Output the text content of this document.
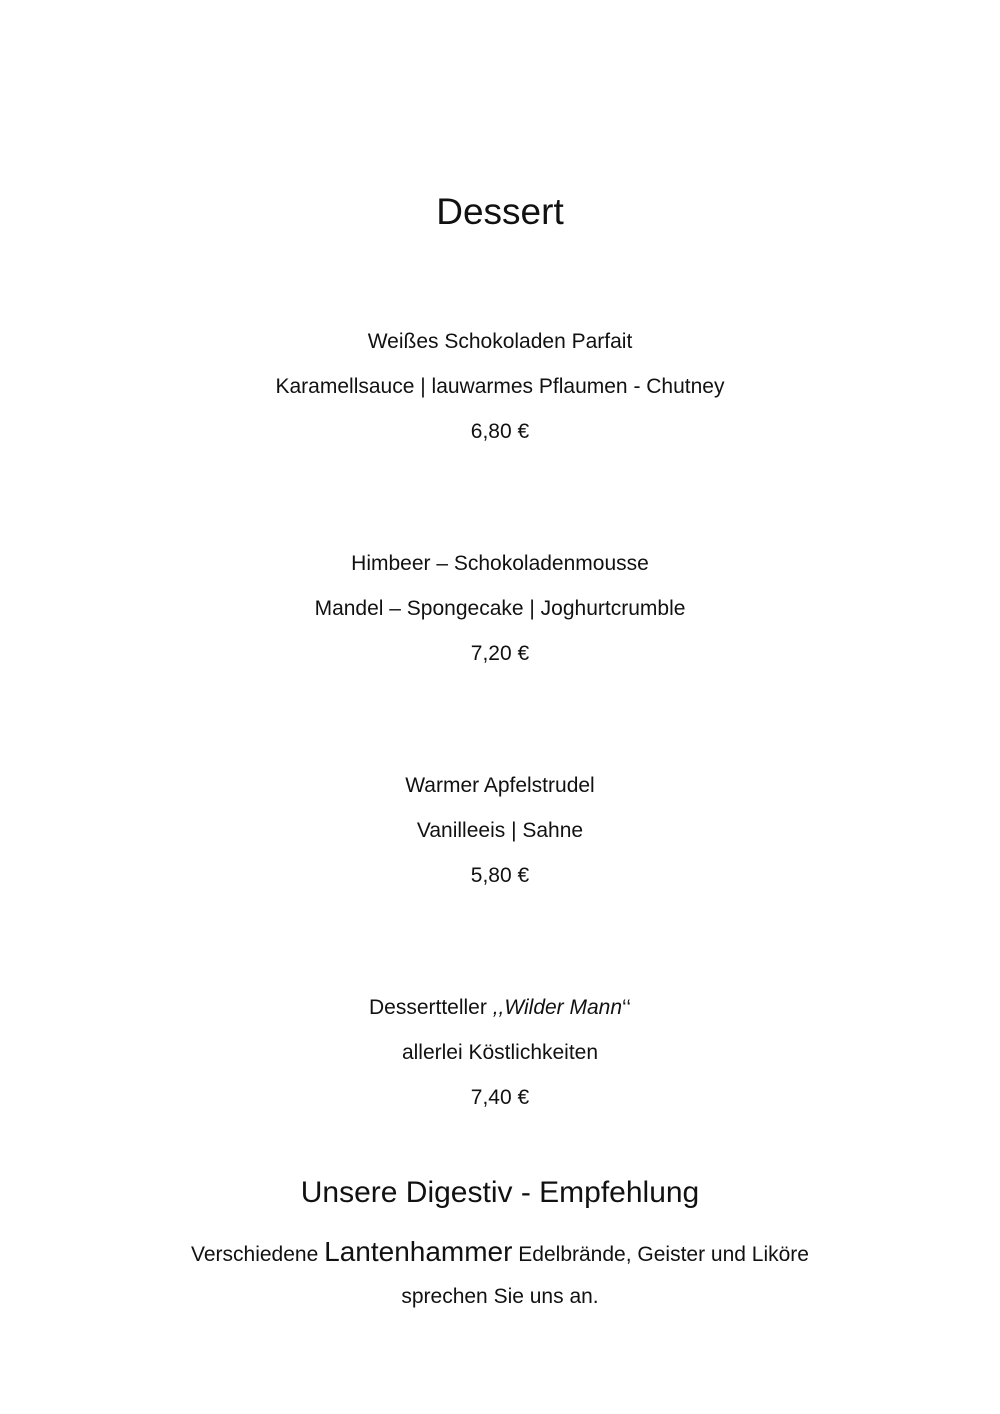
Dessert
Weißes Schokoladen Parfait
Karamellsauce | lauwarmes Pflaumen - Chutney
6,80 €
Himbeer – Schokoladenmousse
Mandel – Spongecake | Joghurtcrumble
7,20 €
Warmer Apfelstrudel
Vanilleeis | Sahne
5,80 €
Dessertteller ,,Wilder Mann‘‘
allerlei Köstlichkeiten
7,40 €
Unsere Digestiv - Empfehlung
Verschiedene Lantenhammer Edelbrände, Geister und Liköre
sprechen Sie uns an.
